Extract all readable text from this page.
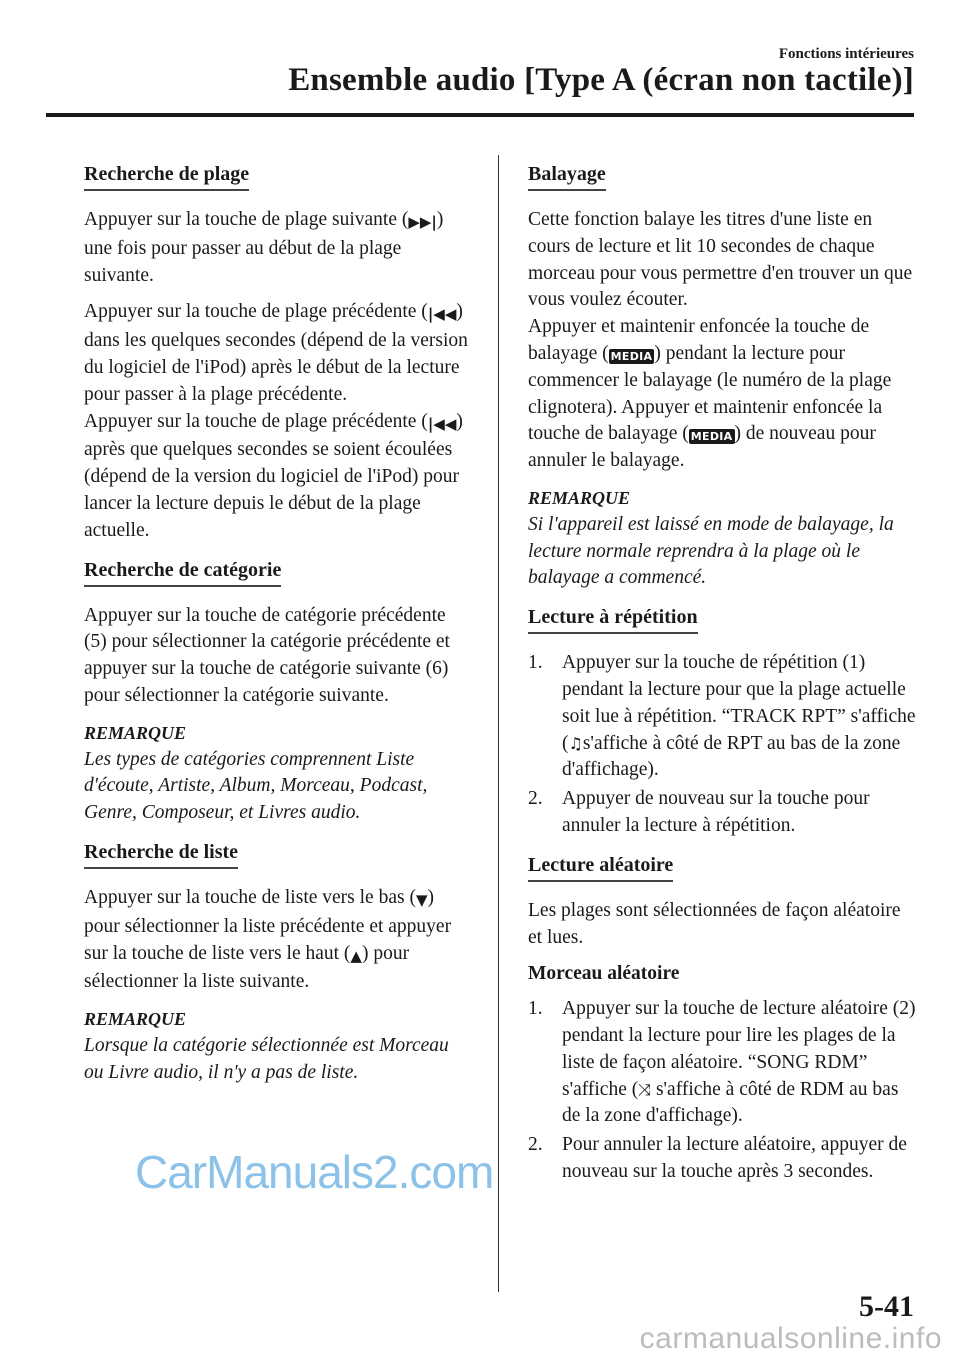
Fonctions intérieures
Ensemble audio [Type A (écran non tactile)]
Recherche de plage

Appuyer sur la touche de plage suivante (▶▶|) une fois pour passer au début de la plage suivante.

Appuyer sur la touche de plage précédente (|◀◀) dans les quelques secondes (dépend de la version du logiciel de l'iPod) après le début de la lecture pour passer à la plage précédente.

Appuyer sur la touche de plage précédente (|◀◀) après que quelques secondes se soient écoulées (dépend de la version du logiciel de l'iPod) pour lancer la lecture depuis le début de la plage actuelle.

Recherche de catégorie

Appuyer sur la touche de catégorie précédente (5) pour sélectionner la catégorie précédente et appuyer sur la touche de catégorie suivante (6) pour sélectionner la catégorie suivante.

REMARQUE

Les types de catégories comprennent Liste d'écoute, Artiste, Album, Morceau, Podcast, Genre, Composeur, et Livres audio.

Recherche de liste

Appuyer sur la touche de liste vers le bas (▼) pour sélectionner la liste précédente et appuyer sur la touche de liste vers le haut (▲) pour sélectionner la liste suivante.

REMARQUE

Lorsque la catégorie sélectionnée est Morceau ou Livre audio, il n'y a pas de liste.

Balayage

Cette fonction balaye les titres d'une liste en cours de lecture et lit 10 secondes de chaque morceau pour vous permettre d'en trouver un que vous voulez écouter.

Appuyer et maintenir enfoncée la touche de balayage ( MEDIA ) pendant la lecture pour commencer le balayage (le numéro de la plage clignotera). Appuyer et maintenir enfoncée la touche de balayage ( MEDIA ) de nouveau pour annuler le balayage.

REMARQUE

Si l'appareil est laissé en mode de balayage, la lecture normale reprendra à la plage où le balayage a commencé.

Lecture à répétition
1. Appuyer sur la touche de répétition (1) pendant la lecture pour que la plage actuelle soit lue à répétition. “TRACK RPT” s'affiche (♫s'affiche à côté de RPT au bas de la zone d'affichage).
2. Appuyer de nouveau sur la touche pour annuler la lecture à répétition.
Lecture aléatoire

Les plages sont sélectionnées de façon aléatoire et lues.

Morceau aléatoire
1. Appuyer sur la touche de lecture aléatoire (2) pendant la lecture pour lire les plages de la liste de façon aléatoire. “SONG RDM” s'affiche (⤨ s'affiche à côté de RDM au bas de la zone d'affichage).
2. Pour annuler la lecture aléatoire, appuyer de nouveau sur la touche après 3 secondes.
CarManuals2.com
5-41
carmanualsonline.info
